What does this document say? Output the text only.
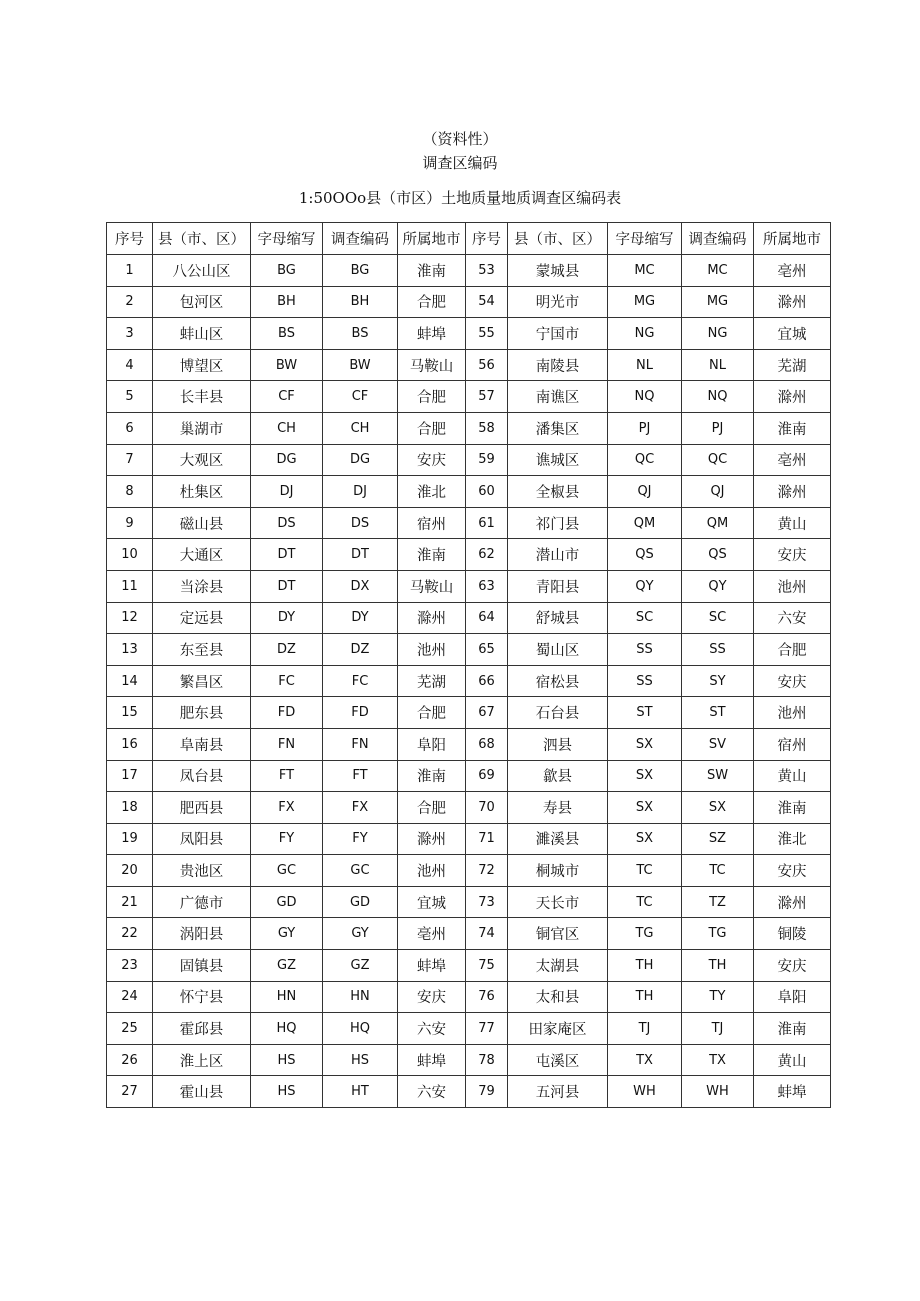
（资料性）
调查区编码
1:50OOo县（市区）土地质量地质调查区编码表
序号	县（市、区）	字母缩写	调查编码	所属地市	序号	县（市、区）	字母缩写	调查编码	所属地市
1	八公山区	BG	BG	淮南	53	蒙城县	MC	MC	亳州
2	包河区	BH	BH	合肥	54	明光市	MG	MG	滁州
3	蚌山区	BS	BS	蚌埠	55	宁国市	NG	NG	宜城
4	博望区	BW	BW	马鞍山	56	南陵县	NL	NL	芜湖
5	长丰县	CF	CF	合肥	57	南谯区	NQ	NQ	滁州
6	巢湖市	CH	CH	合肥	58	潘集区	PJ	PJ	淮南
7	大观区	DG	DG	安庆	59	谯城区	QC	QC	亳州
8	杜集区	DJ	DJ	淮北	60	全椒县	QJ	QJ	滁州
9	磁山县	DS	DS	宿州	61	祁门县	QM	QM	黄山
10	大通区	DT	DT	淮南	62	潜山市	QS	QS	安庆
11	当涂县	DT	DX	马鞍山	63	青阳县	QY	QY	池州
12	定远县	DY	DY	滁州	64	舒城县	SC	SC	六安
13	东至县	DZ	DZ	池州	65	蜀山区	SS	SS	合肥
14	繁昌区	FC	FC	芜湖	66	宿松县	SS	SY	安庆
15	肥东县	FD	FD	合肥	67	石台县	ST	ST	池州
16	阜南县	FN	FN	阜阳	68	泗县	SX	SV	宿州
17	凤台县	FT	FT	淮南	69	歙县	SX	SW	黄山
18	肥西县	FX	FX	合肥	70	寿县	SX	SX	淮南
19	凤阳县	FY	FY	滁州	71	濉溪县	SX	SZ	淮北
20	贵池区	GC	GC	池州	72	桐城市	TC	TC	安庆
21	广德市	GD	GD	宜城	73	天长市	TC	TZ	滁州
22	涡阳县	GY	GY	亳州	74	铜官区	TG	TG	铜陵
23	固镇县	GZ	GZ	蚌埠	75	太湖县	TH	TH	安庆
24	怀宁县	HN	HN	安庆	76	太和县	TH	TY	阜阳
25	霍邱县	HQ	HQ	六安	77	田家庵区	TJ	TJ	淮南
26	淮上区	HS	HS	蚌埠	78	屯溪区	TX	TX	黄山
27	霍山县	HS	HT	六安	79	五河县	WH	WH	蚌埠
